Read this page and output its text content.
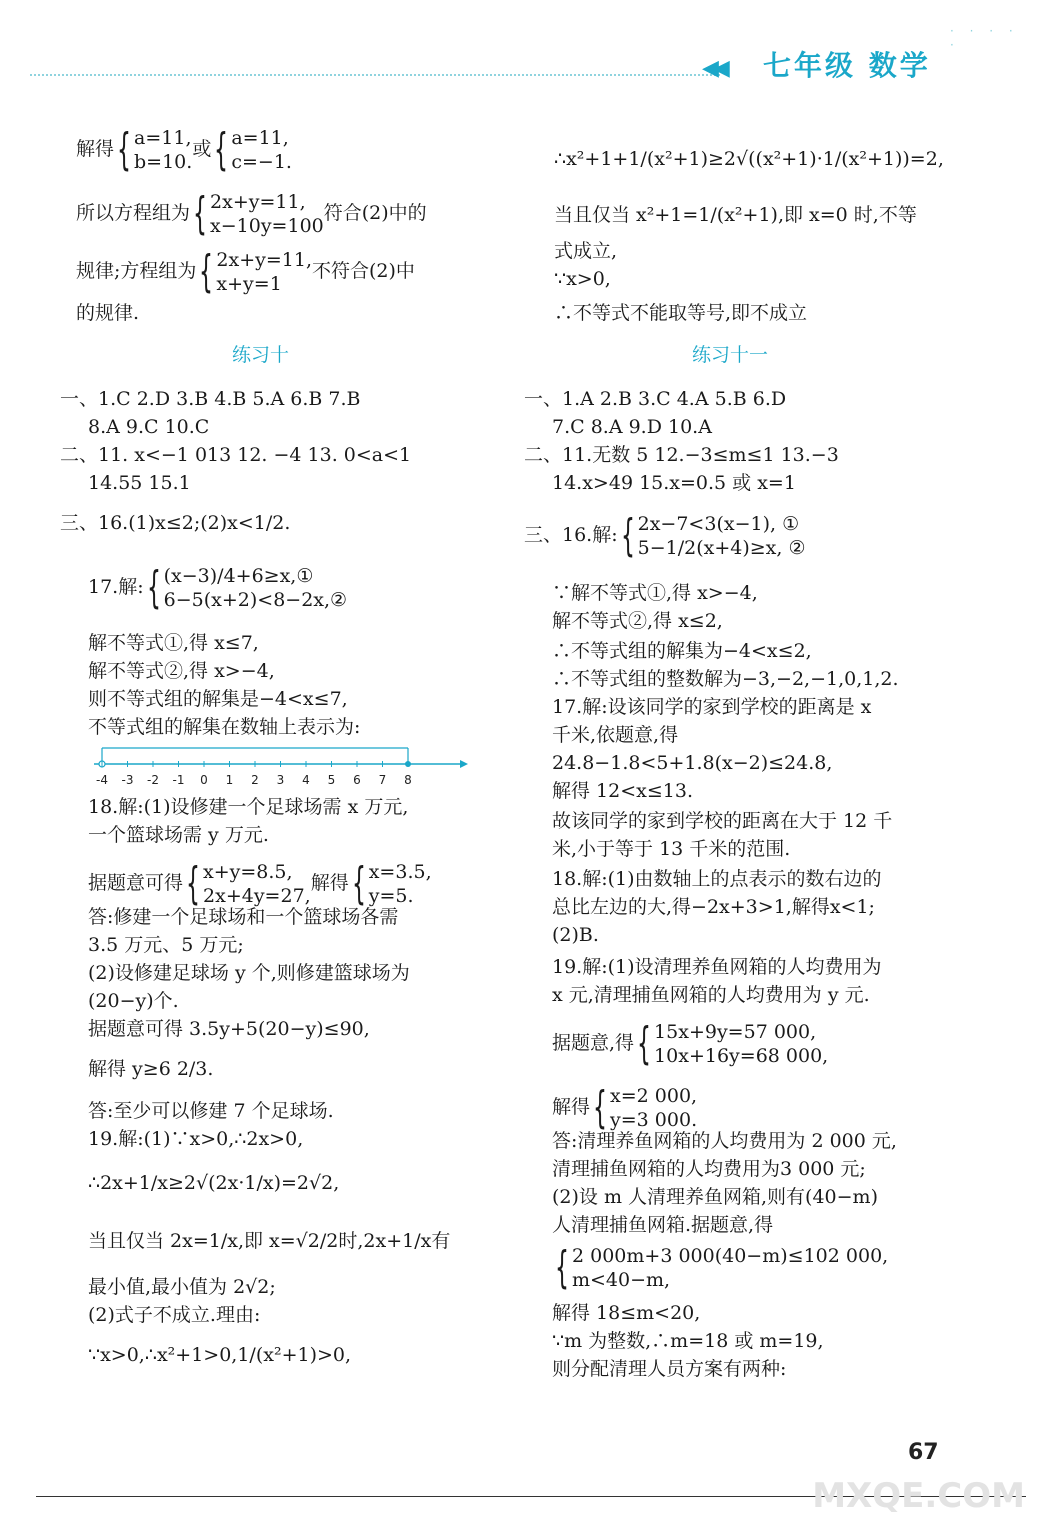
◀◀ 七年级 数学
· · · · ·
解得{ a=11,
b=10.或{ a=11,
c=−1.
所以方程组为{ 2x+y=11,
x−10y=100符合(2)中的
规律;方程组为{ 2x+y=11,
x+y=1不符合(2)中
的规律.
练习十
一、1.C 2.D 3.B 4.B 5.A 6.B 7.B
8.A 9.C 10.C
二、11. x<−1 013 12. −4 13. 0<a<1
14.55 15.1
三、16.(1)x≤2;(2)x<1/2.
17.解:{ (x−3)/4+6≥x,①
6−5(x+2)<8−2x,②
解不等式①,得 x≤7,
解不等式②,得 x>−4,
则不等式组的解集是−4<x≤7,
不等式组的解集在数轴上表示为:
18.解:(1)设修建一个足球场需 x 万元,
一个篮球场需 y 万元.
据题意可得{ x+y=8.5,
2x+4y=27,解得{ x=3.5,
y=5.
答:修建一个足球场和一个篮球场各需
3.5 万元、5 万元;
(2)设修建足球场 y 个,则修建篮球场为
(20−y)个.
据题意可得 3.5y+5(20−y)≤90,
解得 y≥6 2/3.
答:至少可以修建 7 个足球场.
19.解:(1)∵x>0,∴2x>0,
∴2x+1/x≥2√(2x·1/x)=2√2,
当且仅当 2x=1/x,即 x=√2/2时,2x+1/x有
最小值,最小值为 2√2;
(2)式子不成立.理由:
∵x>0,∴x²+1>0,1/(x²+1)>0,
-4 -3 -2 -1 0 1 2 3 4 5 6 7 8
∴x²+1+1/(x²+1)≥2√((x²+1)·1/(x²+1))=2,
当且仅当 x²+1=1/(x²+1),即 x=0 时,不等
式成立,
∵x>0,
∴不等式不能取等号,即不成立
练习十一
一、1.A 2.B 3.C 4.A 5.B 6.D
7.C 8.A 9.D 10.A
二、11.无数 5 12.−3≤m≤1 13.−3
14.x>49 15.x=0.5 或 x=1
三、16.解:{ 2x−7<3(x−1), ①
5−1/2(x+4)≥x, ②
∵解不等式①,得 x>−4,
解不等式②,得 x≤2,
∴不等式组的解集为−4<x≤2,
∴不等式组的整数解为−3,−2,−1,0,1,2.
17.解:设该同学的家到学校的距离是 x
千米,依题意,得
24.8−1.8<5+1.8(x−2)≤24.8,
解得 12<x≤13.
故该同学的家到学校的距离在大于 12 千
米,小于等于 13 千米的范围.
18.解:(1)由数轴上的点表示的数右边的
总比左边的大,得−2x+3>1,解得x<1;
(2)B.
19.解:(1)设清理养鱼网箱的人均费用为
x 元,清理捕鱼网箱的人均费用为 y 元.
据题意,得{ 15x+9y=57 000,
10x+16y=68 000,
解得{ x=2 000,
y=3 000.
答:清理养鱼网箱的人均费用为 2 000 元,
清理捕鱼网箱的人均费用为3 000 元;
(2)设 m 人清理养鱼网箱,则有(40−m)
人清理捕鱼网箱.据题意,得
{ 2 000m+3 000(40−m)≤102 000,
m<40−m,
解得 18≤m<20,
∵m 为整数,∴m=18 或 m=19,
则分配清理人员方案有两种:
67
MXQE.COM
